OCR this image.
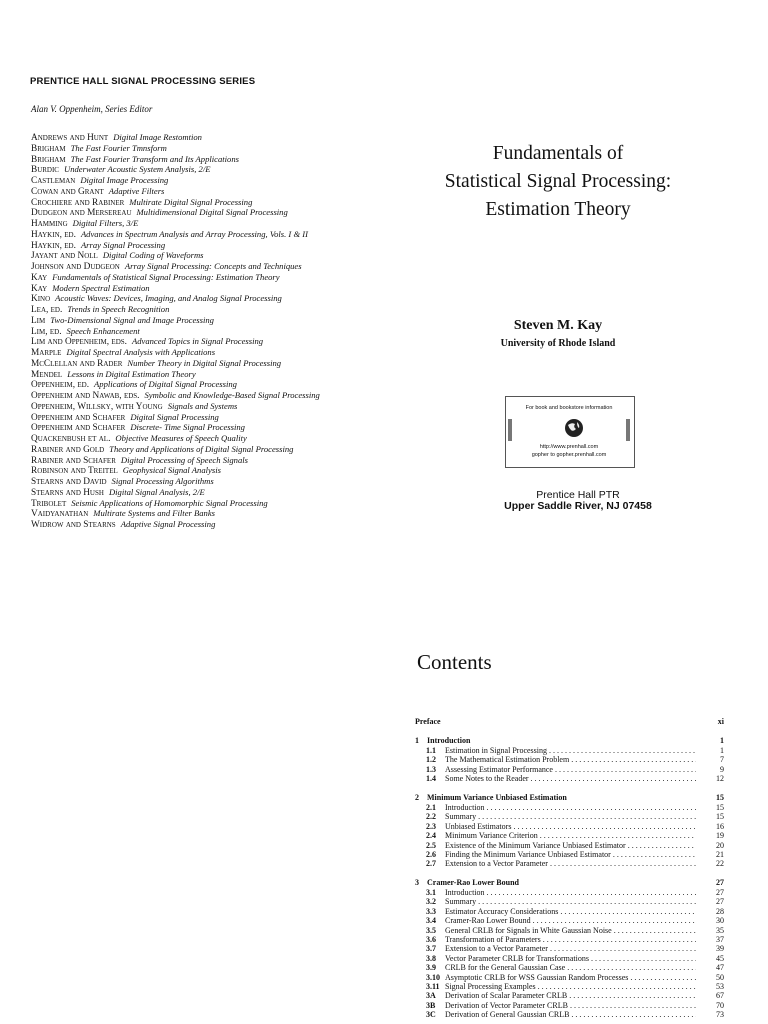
PRENTICE HALL SIGNAL PROCESSING SERIES
Alan V. Oppenheim, Series Editor
Andrews and Hunt Digital Image Restomtion
Brigham The Fast Fourier Tmnsform
Brigham The Fast Fourier Transform and Its Applications
Burdic Underwater Acoustic System Analysis, 2/E
Castleman Digital Image Processing
Cowan and Grant Adaptive Filters
Crochiere and Rabiner Multirate Digital Signal Processing
Dudgeon and Mersereau Multidimensional Digital Signal Processing
Hamming Digital Filters, 3/E
Haykin, ed. Advances in Spectrum Analysis and Array Processing, Vols. I & II
Haykin, ed. Array Signal Processing
Jayant and Noll Digital Coding of Waveforms
Johnson and Dudgeon Array Signal Processing: Concepts and Techniques
Kay Fundamentals of Statistical Signal Processing: Estimation Theory
Kay Modern Spectral Estimation
Kino Acoustic Waves: Devices, Imaging, and Analog Signal Processing
Lea, ed. Trends in Speech Recognition
Lim Two-Dimensional Signal and Image Processing
Lim, ed. Speech Enhancement
Lim and Oppenheim, eds. Advanced Topics in Signal Processing
Marple Digital Spectral Analysis with Applications
McClellan and Rader Number Theory in Digital Signal Processing
Mendel Lessons in Digital Estimation Theory
Oppenheim, ed. Applications of Digital Signal Processing
Oppenheim and Nawab, eds. Symbolic and Knowledge-Based Signal Processing
Oppenheim, Willsky, with Young Signals and Systems
Oppenheim and Schafer Digital Signal Processing
Oppenheim and Schafer Discrete- Time Signal Processing
Quackenbush et al. Objective Measures of Speech Quality
Rabiner and Gold Theory and Applications of Digital Signal Processing
Rabiner and Schafer Digital Processing of Speech Signals
Robinson and Treitel Geophysical Signal Analysis
Stearns and David Signal Processing Algorithms
Stearns and Hush Digital Signal Analysis, 2/E
Tribolet Seismic Applications of Homomorphic Signal Processing
Vaidyanathan Multirate Systems and Filter Banks
Widrow and Stearns Adaptive Signal Processing
Fundamentals of
Statistical Signal Processing:
Estimation Theory
Steven M. Kay
University of Rhode Island
For book and bookstore information
http://www.prenhall.com
gopher to gopher.prenhall.com
Prentice Hall PTR
Upper Saddle River, NJ 07458
Contents
Preface	xi
1 Introduction	1
1.1 Estimation in Signal Processing . . .	1
1.2 The Mathematical Estimation Problem . . .	7
1.3 Assessing Estimator Performance . . .	9
1.4 Some Notes to the Reader . . .	12
2 Minimum Variance Unbiased Estimation	15
2.1 Introduction . . .	15
2.2 Summary . . .	15
2.3 Unbiased Estimators . . .	16
2.4 Minimum Variance Criterion . . .	19
2.5 Existence of the Minimum Variance Unbiased Estimator . . .	20
2.6 Finding the Minimum Variance Unbiased Estimator . . .	21
2.7 Extension to a Vector Parameter . . .	22
3 Cramer-Rao Lower Bound	27
3.1 Introduction . . .	27
3.2 Summary . . .	27
3.3 Estimator Accuracy Considerations . . .	28
3.4 Cramer-Rao Lower Bound . . .	30
3.5 General CRLB for Signals in White Gaussian Noise . . .	35
3.6 Transformation of Parameters . . .	37
3.7 Extension to a Vector Parameter . . .	39
3.8 Vector Parameter CRLB for Transformations . . .	45
3.9 CRLB for the General Gaussian Case . . .	47
3.10 Asymptotic CRLB for WSS Gaussian Random Processes . . .	50
3.11 Signal Processing Examples . . .	53
3A Derivation of Scalar Parameter CRLB . . .	67
3B Derivation of Vector Parameter CRLB . . .	70
3C Derivation of General Gaussian CRLB . . .	73
